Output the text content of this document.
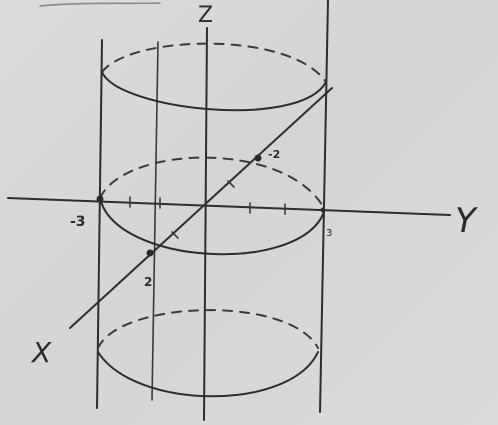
Z
Y
X
-3
3
2
-2
